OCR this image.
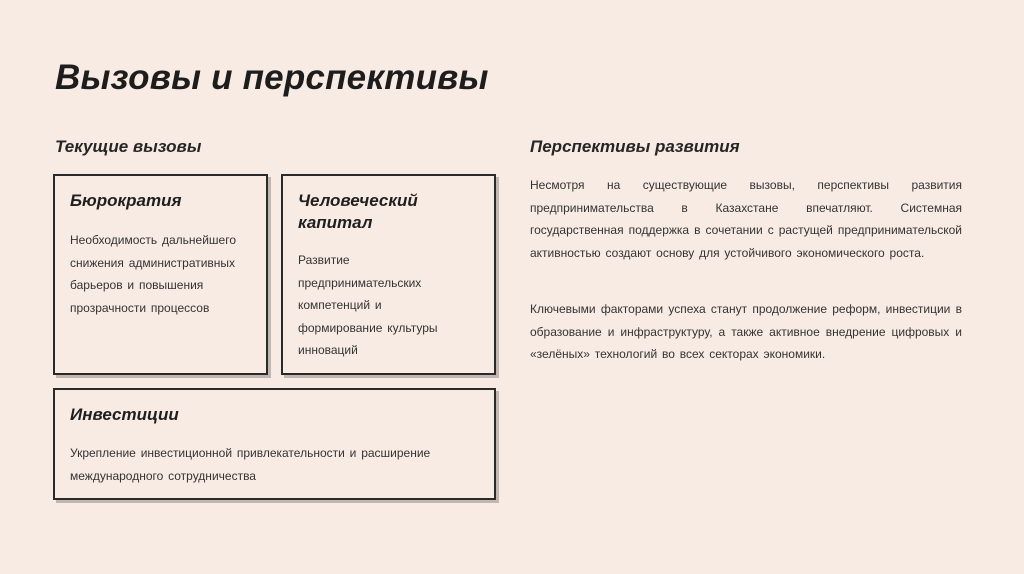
Вызовы и перспективы
Текущие вызовы
Бюрократия
Необходимость дальнейшего снижения административных барьеров и повышения прозрачности процессов
Человеческий капитал
Развитие предпринимательских компетенций и формирование культуры инноваций
Инвестиции
Укрепление инвестиционной привлекательности и расширение международного сотрудничества
Перспективы развития

Несмотря на существующие вызовы, перспективы развития предпринимательства в Казахстане впечатляют. Системная государственная поддержка в сочетании с растущей предпринимательской активностью создают основу для устойчивого экономического роста.

Ключевыми факторами успеха станут продолжение реформ, инвестиции в образование и инфраструктуру, а также активное внедрение цифровых и «зелёных» технологий во всех секторах экономики.
